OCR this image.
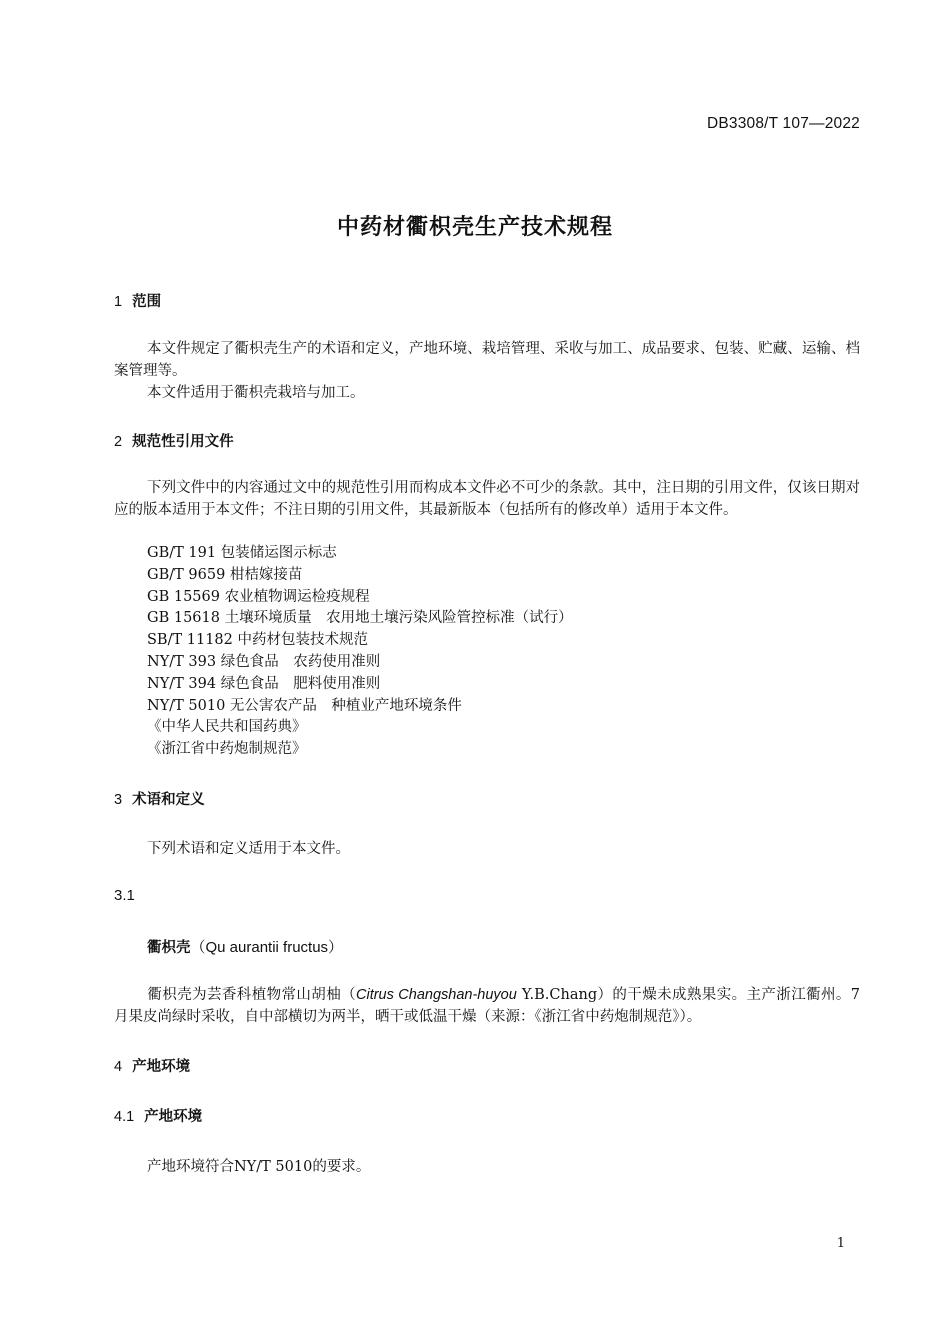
DB3308/T 107—2022
中药材衢枳壳生产技术规程
1 范围
本文件规定了衢枳壳生产的术语和定义，产地环境、栽培管理、采收与加工、成品要求、包装、贮藏、运输、档案管理等。
本文件适用于衢枳壳栽培与加工。
2 规范性引用文件
下列文件中的内容通过文中的规范性引用而构成本文件必不可少的条款。其中，注日期的引用文件，仅该日期对应的版本适用于本文件；不注日期的引用文件，其最新版本（包括所有的修改单）适用于本文件。
GB/T 191 包装储运图示标志
GB/T 9659 柑桔嫁接苗
GB 15569 农业植物调运检疫规程
GB 15618 土壤环境质量　农用地土壤污染风险管控标准（试行）
SB/T 11182 中药材包装技术规范
NY/T 393 绿色食品　农药使用准则
NY/T 394 绿色食品　肥料使用准则
NY/T 5010 无公害农产品　种植业产地环境条件
《中华人民共和国药典》
《浙江省中药炮制规范》
3 术语和定义
下列术语和定义适用于本文件。
3.1
衢枳壳（Qu aurantii fructus）
衢枳壳为芸香科植物常山胡柚（Citrus Changshan-huyou Y.B.Chang）的干燥未成熟果实。主产浙江衢州。7月果皮尚绿时采收，自中部横切为两半，晒干或低温干燥（来源：《浙江省中药炮制规范》）。
4 产地环境
4.1 产地环境
产地环境符合NY/T 5010的要求。
1
